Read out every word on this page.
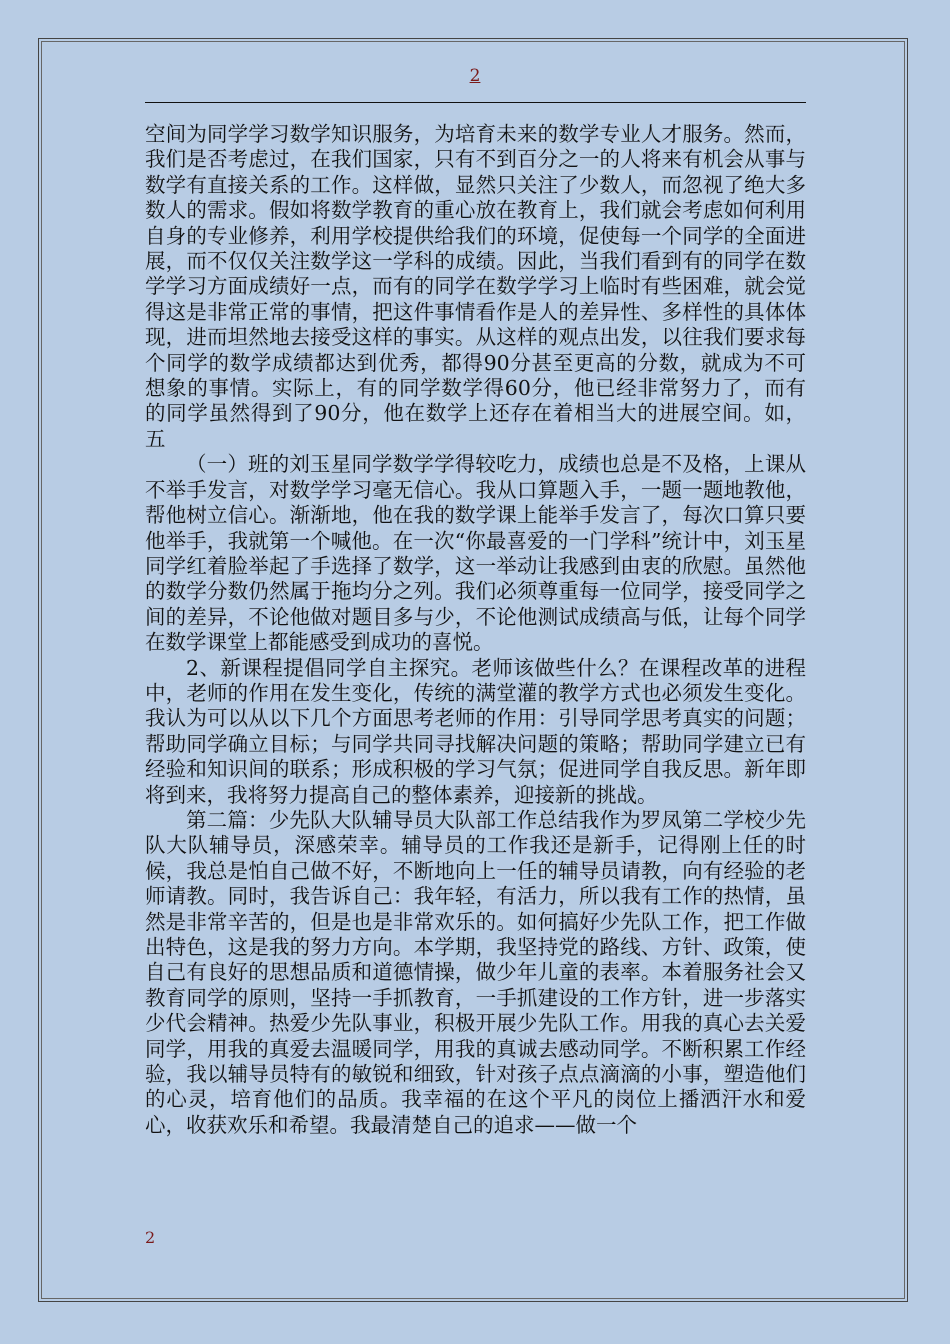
2

空间为同学学习数学知识服务，为培育未来的数学专业人才服务。然而，我们是否考虑过，在我们国家，只有不到百分之一的人将来有机会从事与数学有直接关系的工作。这样做，显然只关注了少数人，而忽视了绝大多数人的需求。假如将数学教育的重心放在教育上，我们就会考虑如何利用自身的专业修养，利用学校提供给我们的环境，促使每一个同学的全面进展，而不仅仅关注数学这一学科的成绩。因此，当我们看到有的同学在数学学习方面成绩好一点，而有的同学在数学学习上临时有些困难，就会觉得这是非常正常的事情，把这件事情看作是人的差异性、多样性的具体体现，进而坦然地去接受这样的事实。从这样的观点出发，以往我们要求每个同学的数学成绩都达到优秀，都得90分甚至更高的分数，就成为不可想象的事情。实际上，有的同学数学得60分，他已经非常努力了，而有的同学虽然得到了90分，他在数学上还存在着相当大的进展空间。如，五

（一）班的刘玉星同学数学学得较吃力，成绩也总是不及格，上课从不举手发言，对数学学习毫无信心。我从口算题入手，一题一题地教他，帮他树立信心。渐渐地，他在我的数学课上能举手发言了，每次口算只要他举手，我就第一个喊他。在一次“你最喜爱的一门学科”统计中，刘玉星同学红着脸举起了手选择了数学，这一举动让我感到由衷的欣慰。虽然他的数学分数仍然属于拖均分之列。我们必须尊重每一位同学，接受同学之间的差异，不论他做对题目多与少，不论他测试成绩高与低，让每个同学在数学课堂上都能感受到成功的喜悦。

2、新课程提倡同学自主探究。老师该做些什么？在课程改革的进程中，老师的作用在发生变化，传统的满堂灌的教学方式也必须发生变化。我认为可以从以下几个方面思考老师的作用：引导同学思考真实的问题；帮助同学确立目标；与同学共同寻找解决问题的策略；帮助同学建立已有经验和知识间的联系；形成积极的学习气氛；促进同学自我反思。新年即将到来，我将努力提高自己的整体素养，迎接新的挑战。

第二篇：少先队大队辅导员大队部工作总结我作为罗凤第二学校少先队大队辅导员，深感荣幸。辅导员的工作我还是新手，记得刚上任的时候，我总是怕自己做不好，不断地向上一任的辅导员请教，向有经验的老师请教。同时，我告诉自己：我年轻，有活力，所以我有工作的热情，虽然是非常辛苦的，但是也是非常欢乐的。如何搞好少先队工作，把工作做出特色，这是我的努力方向。本学期，我坚持党的路线、方针、政策，使自己有良好的思想品质和道德情操，做少年儿童的表率。本着服务社会又教育同学的原则，坚持一手抓教育，一手抓建设的工作方针，进一步落实少代会精神。热爱少先队事业，积极开展少先队工作。用我的真心去关爱同学，用我的真爱去温暖同学，用我的真诚去感动同学。不断积累工作经验，我以辅导员特有的敏锐和细致，针对孩子点点滴滴的小事，塑造他们的心灵，培育他们的品质。我幸福的在这个平凡的岗位上播洒汗水和爱心，收获欢乐和希望。我最清楚自己的追求——做一个

2
